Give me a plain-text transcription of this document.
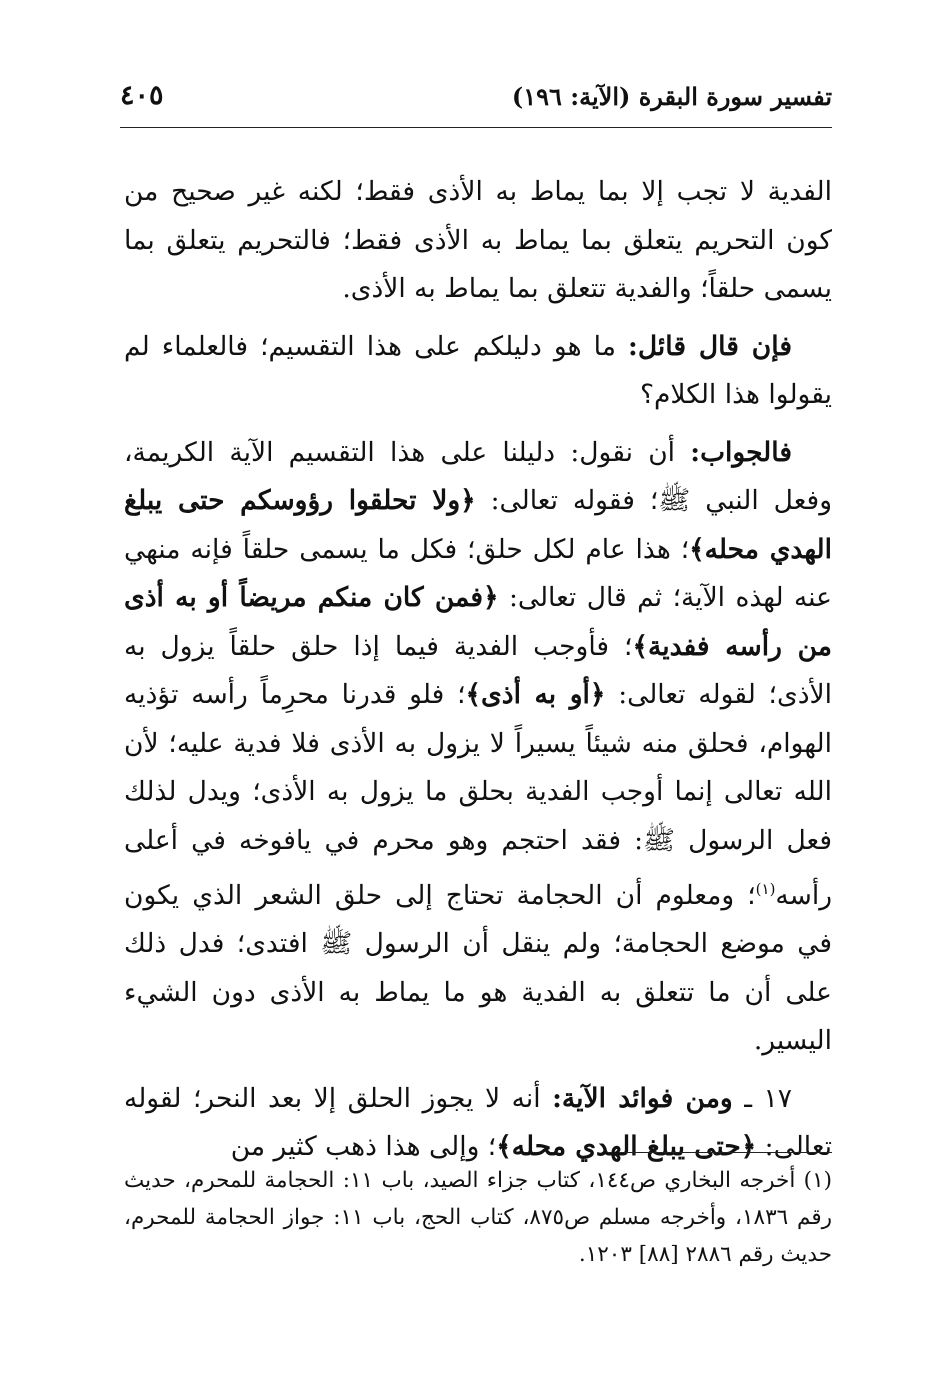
تفسير سورة البقرة (الآية: ١٩٦)
٤٠٥

الفدية لا تجب إلا بما يماط به الأذى فقط؛ لكنه غير صحيح من كون التحريم يتعلق بما يماط به الأذى فقط؛ فالتحريم يتعلق بما يسمى حلقاً؛ والفدية تتعلق بما يماط به الأذى.

فإن قال قائل: ما هو دليلكم على هذا التقسيم؛ فالعلماء لم يقولوا هذا الكلام؟

فالجواب: أن نقول: دليلنا على هذا التقسيم الآية الكريمة، وفعل النبي ﷺ؛ فقوله تعالى: ﴿ولا تحلقوا رؤوسكم حتى يبلغ الهدي محله﴾؛ هذا عام لكل حلق؛ فكل ما يسمى حلقاً فإنه منهي عنه لهذه الآية؛ ثم قال تعالى: ﴿فمن كان منكم مريضاً أو به أذى من رأسه ففدية﴾؛ فأوجب الفدية فيما إذا حلق حلقاً يزول به الأذى؛ لقوله تعالى: ﴿أو به أذى﴾؛ فلو قدرنا محرِماً رأسه تؤذيه الهوام، فحلق منه شيئاً يسيراً لا يزول به الأذى فلا فدية عليه؛ لأن الله تعالى إنما أوجب الفدية بحلق ما يزول به الأذى؛ ويدل لذلك فعل الرسول ﷺ: فقد احتجم وهو محرم في يافوخه في أعلى رأسه$^{(١)}$؛ ومعلوم أن الحجامة تحتاج إلى حلق الشعر الذي يكون في موضع الحجامة؛ ولم ينقل أن الرسول ﷺ افتدى؛ فدل ذلك على أن ما تتعلق به الفدية هو ما يماط به الأذى دون الشيء اليسير.

١٧ ـ ومن فوائد الآية: أنه لا يجوز الحلق إلا بعد النحر؛ لقوله تعالى: ﴿حتى يبلغ الهدي محله﴾؛ وإلى هذا ذهب كثير من

(١) أخرجه البخاري ص١٤٤، كتاب جزاء الصيد، باب ١١: الحجامة للمحرم، حديث رقم ١٨٣٦، وأخرجه مسلم ص٨٧٥، كتاب الحج، باب ١١: جواز الحجامة للمحرم، حديث رقم ٢٨٨٦ [٨٨] ١٢٠٣.
